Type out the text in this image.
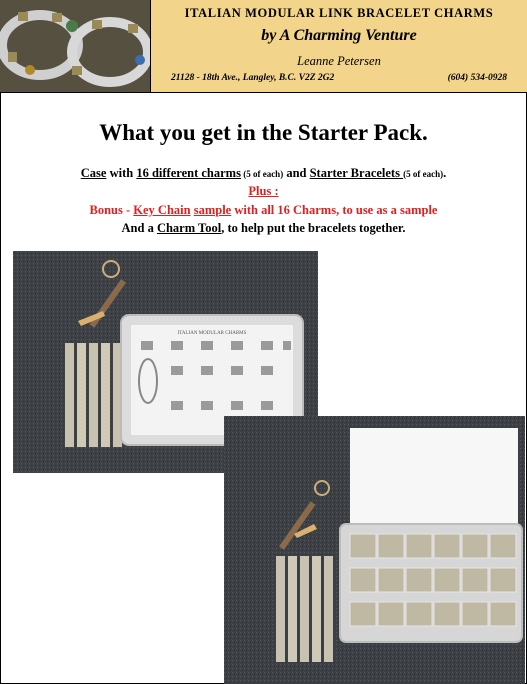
ITALIAN MODULAR LINK BRACELET CHARMS
by A Charming Venture
Leanne Petersen
21128 - 18th Ave., Langley, B.C. V2Z 2G2	(604) 534-0928
What you get in the Starter Pack.
Case with 16 different charms (5 of each) and Starter Bracelets (5 of each).
Plus :
Bonus - Key Chain sample with all 16 Charms, to use as a sample
And a Charm Tool, to help put the bracelets together.
ITALIAN MODULAR CHARMS
